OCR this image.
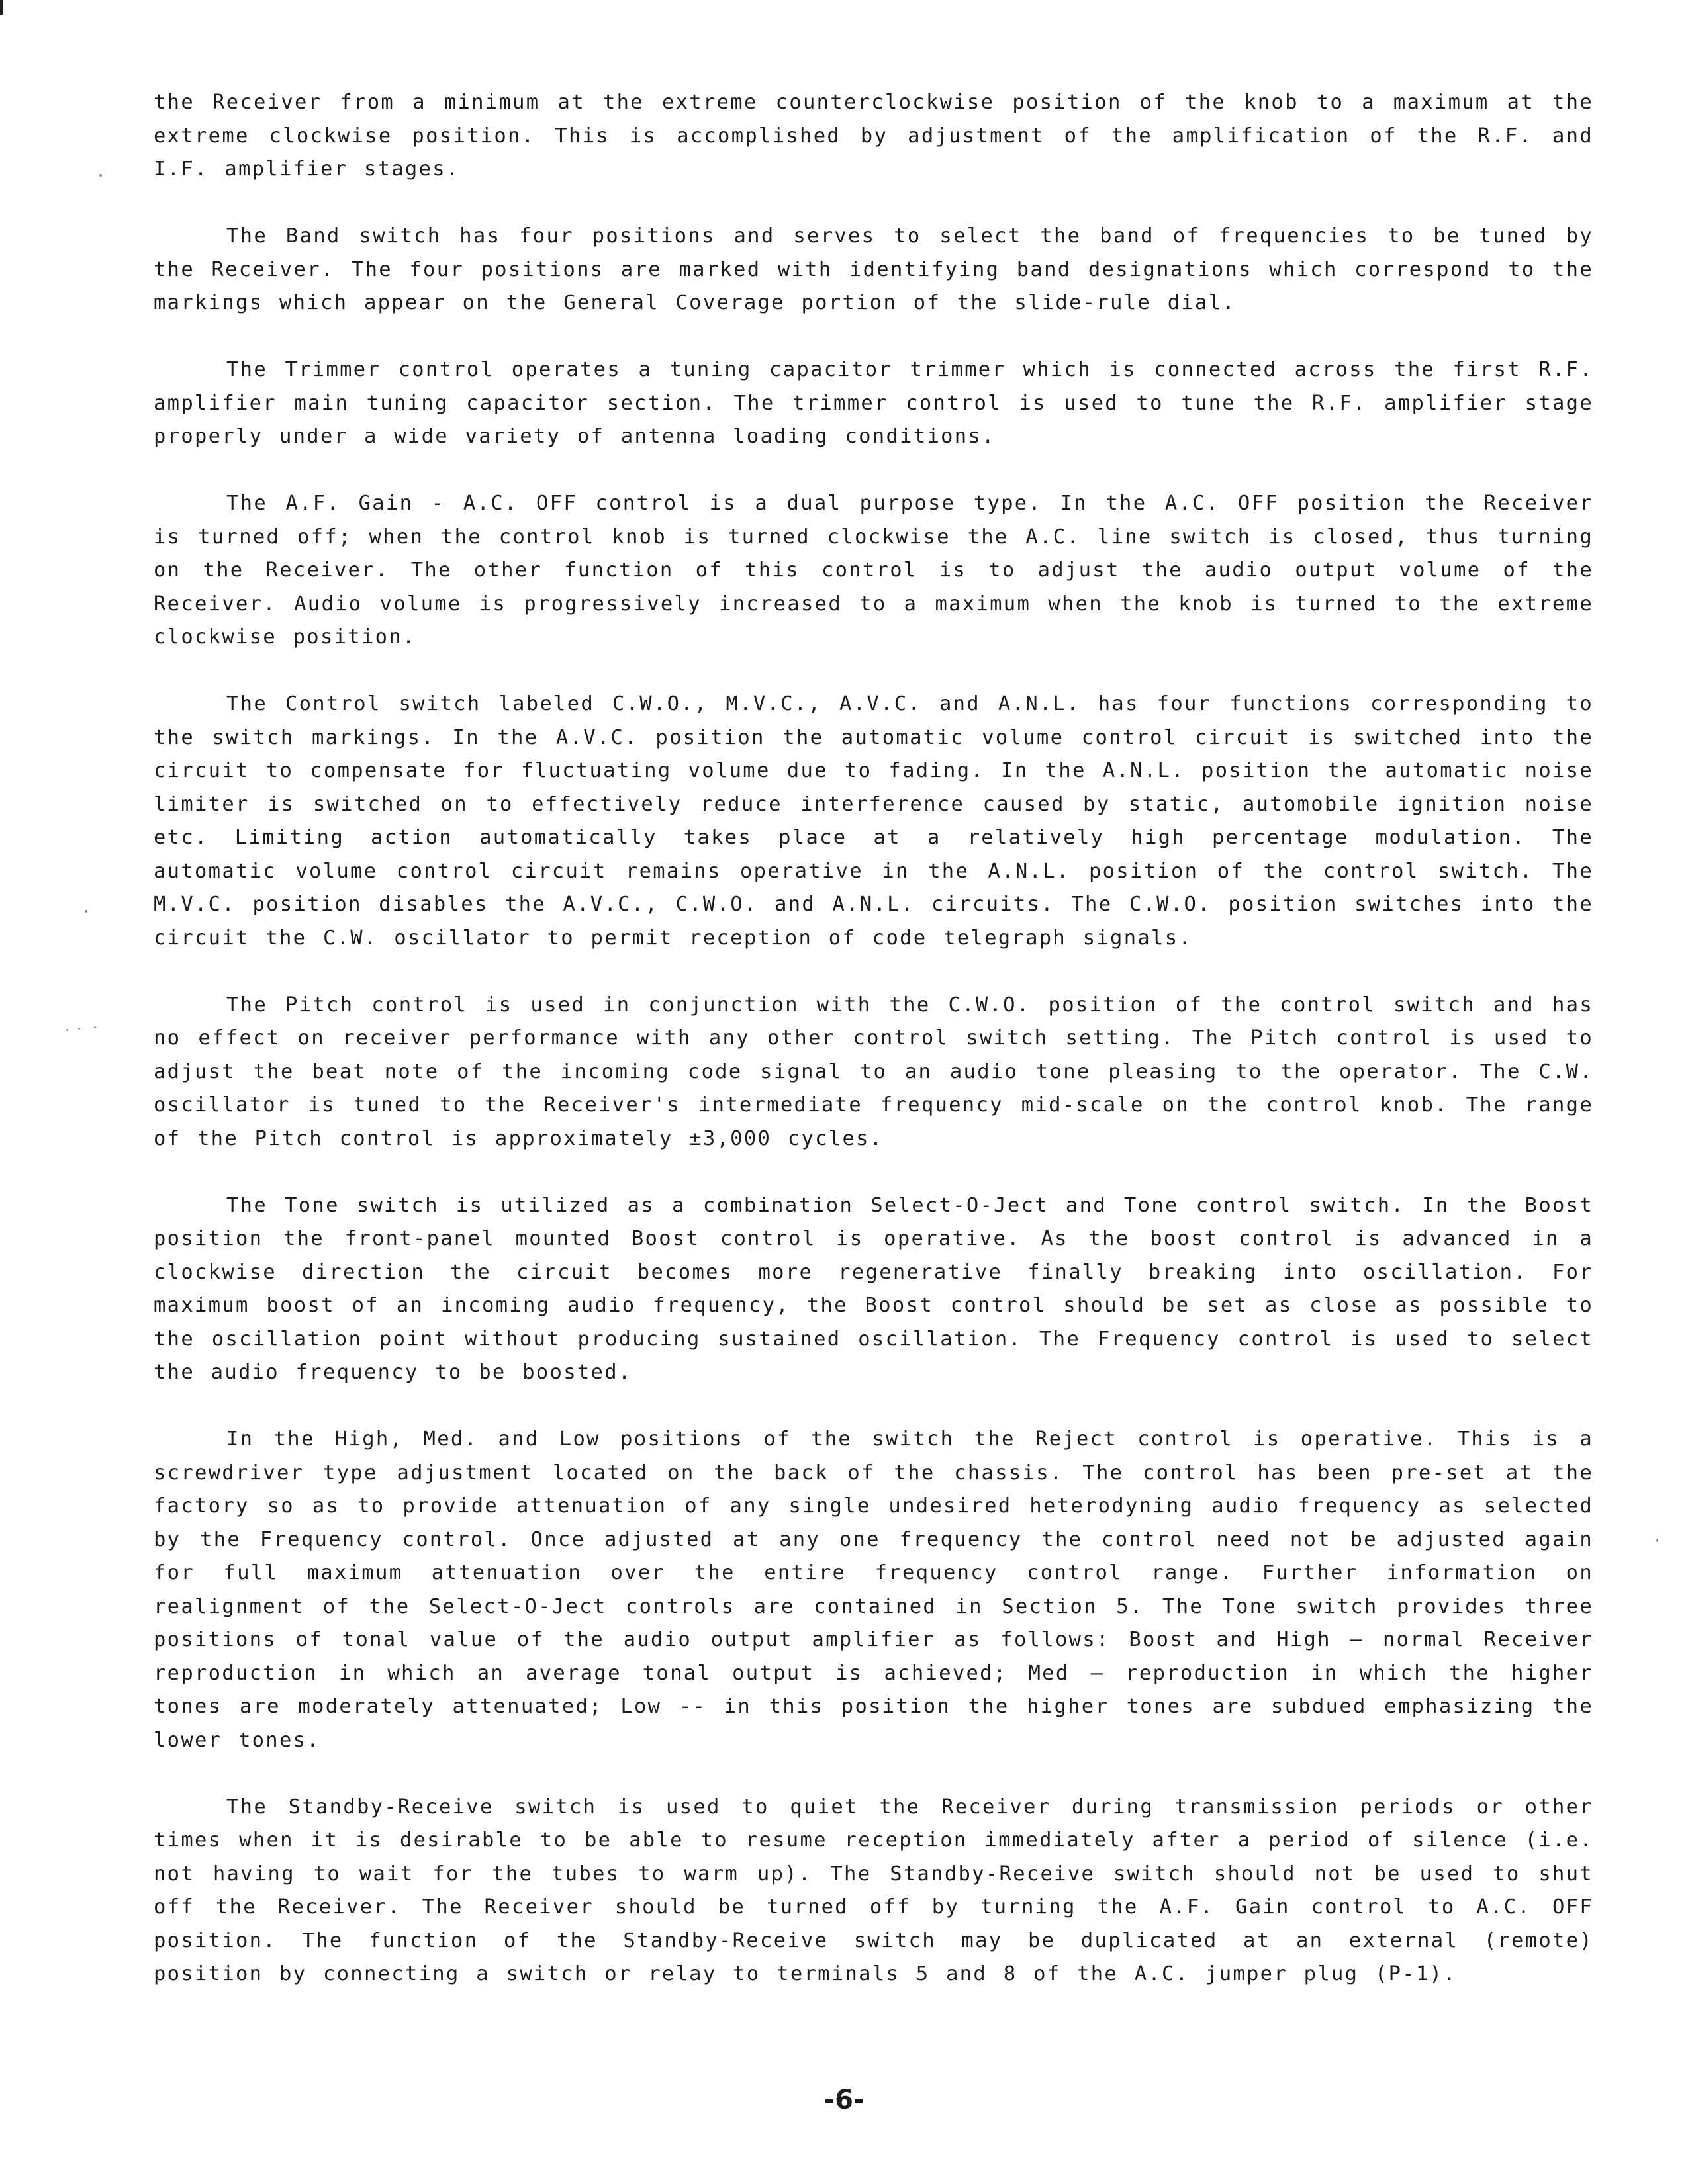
the Receiver from a minimum at the extreme counterclockwise position of the knob to a maximum at the extreme clockwise position. This is accomplished by adjustment of the amplification of the R.F. and I.F. amplifier stages.

The Band switch has four positions and serves to select the band of frequencies to be tuned by the Receiver. The four positions are marked with identifying band designations which correspond to the markings which appear on the General Coverage portion of the slide-rule dial.

The Trimmer control operates a tuning capacitor trimmer which is connected across the first R.F. amplifier main tuning capacitor section. The trimmer control is used to tune the R.F. amplifier stage properly under a wide variety of antenna loading conditions.

The A.F. Gain - A.C. OFF control is a dual purpose type. In the A.C. OFF position the Receiver is turned off; when the control knob is turned clockwise the A.C. line switch is closed, thus turning on the Receiver. The other function of this control is to adjust the audio output volume of the Receiver. Audio volume is progressively increased to a maximum when the knob is turned to the extreme clockwise position.

The Control switch labeled C.W.O., M.V.C., A.V.C. and A.N.L. has four functions corresponding to the switch markings. In the A.V.C. position the automatic volume control circuit is switched into the circuit to compensate for fluctuating volume due to fading. In the A.N.L. position the automatic noise limiter is switched on to effectively reduce interference caused by static, automobile ignition noise etc. Limiting action automatically takes place at a relatively high percentage modulation. The automatic volume control circuit remains operative in the A.N.L. position of the control switch. The M.V.C. position disables the A.V.C., C.W.O. and A.N.L. circuits. The C.W.O. position switches into the circuit the C.W. oscillator to permit reception of code telegraph signals.

The Pitch control is used in conjunction with the C.W.O. position of the control switch and has no effect on receiver performance with any other control switch setting. The Pitch control is used to adjust the beat note of the incoming code signal to an audio tone pleasing to the operator. The C.W. oscillator is tuned to the Receiver's intermediate frequency mid-scale on the control knob. The range of the Pitch control is approximately ±3,000 cycles.

The Tone switch is utilized as a combination Select-O-Ject and Tone control switch. In the Boost position the front-panel mounted Boost control is operative. As the boost control is advanced in a clockwise direction the circuit becomes more regenerative finally breaking into oscillation. For maximum boost of an incoming audio frequency, the Boost control should be set as close as possible to the oscillation point without producing sustained oscillation. The Frequency control is used to select the audio frequency to be boosted.

In the High, Med. and Low positions of the switch the Reject control is operative. This is a screwdriver type adjustment located on the back of the chassis. The control has been pre-set at the factory so as to provide attenuation of any single undesired heterodyning audio frequency as selected by the Frequency control. Once adjusted at any one frequency the control need not be adjusted again for full maximum attenuation over the entire frequency control range. Further information on realignment of the Select-O-Ject controls are contained in Section 5. The Tone switch provides three positions of tonal value of the audio output amplifier as follows: Boost and High — normal Receiver reproduction in which an average tonal output is achieved; Med — reproduction in which the higher tones are moderately attenuated; Low -- in this position the higher tones are subdued emphasizing the lower tones.

The Standby-Receive switch is used to quiet the Receiver during transmission periods or other times when it is desirable to be able to resume reception immediately after a period of silence (i.e. not having to wait for the tubes to warm up). The Standby-Receive switch should not be used to shut off the Receiver. The Receiver should be turned off by turning the A.F. Gain control to A.C. OFF position. The function of the Standby-Receive switch may be duplicated at an external (remote) position by connecting a switch or relay to terminals 5 and 8 of the A.C. jumper plug (P-1).

-6-
